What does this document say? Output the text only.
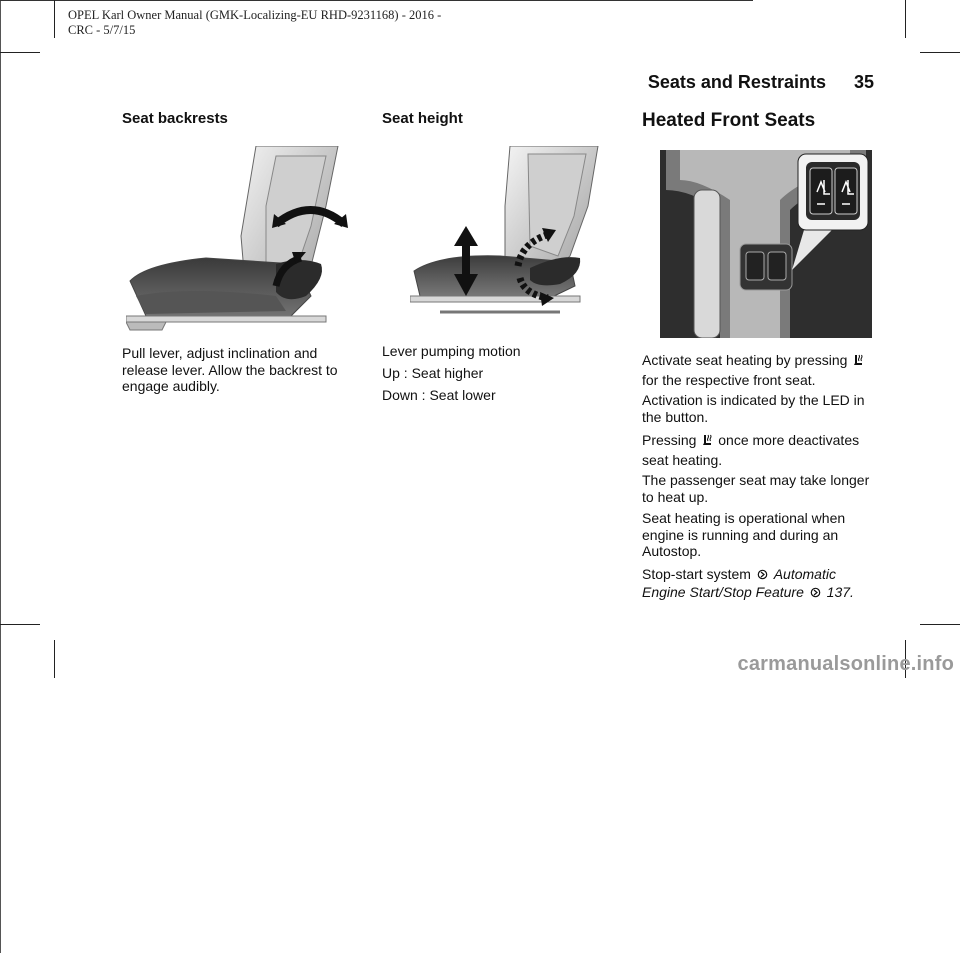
OPEL Karl Owner Manual (GMK-Localizing-EU RHD-9231168) - 2016 -
CRC - 5/7/15
Seats and Restraints 35
Seat backrests

Pull lever, adjust inclination and release lever. Allow the backrest to engage audibly.

Seat height

Lever pumping motion

Up : Seat higher

Down : Seat lower

Heated Front Seats

Activate seat heating by pressing  for the respective front seat.

Activation is indicated by the LED in the button.

Pressing once more deactivates seat heating.

The passenger seat may take longer to heat up.

Seat heating is operational when engine is running and during an Autostop.

Stop-start system Automatic Engine Start/Stop Feature 137.

carmanualsonline.info
